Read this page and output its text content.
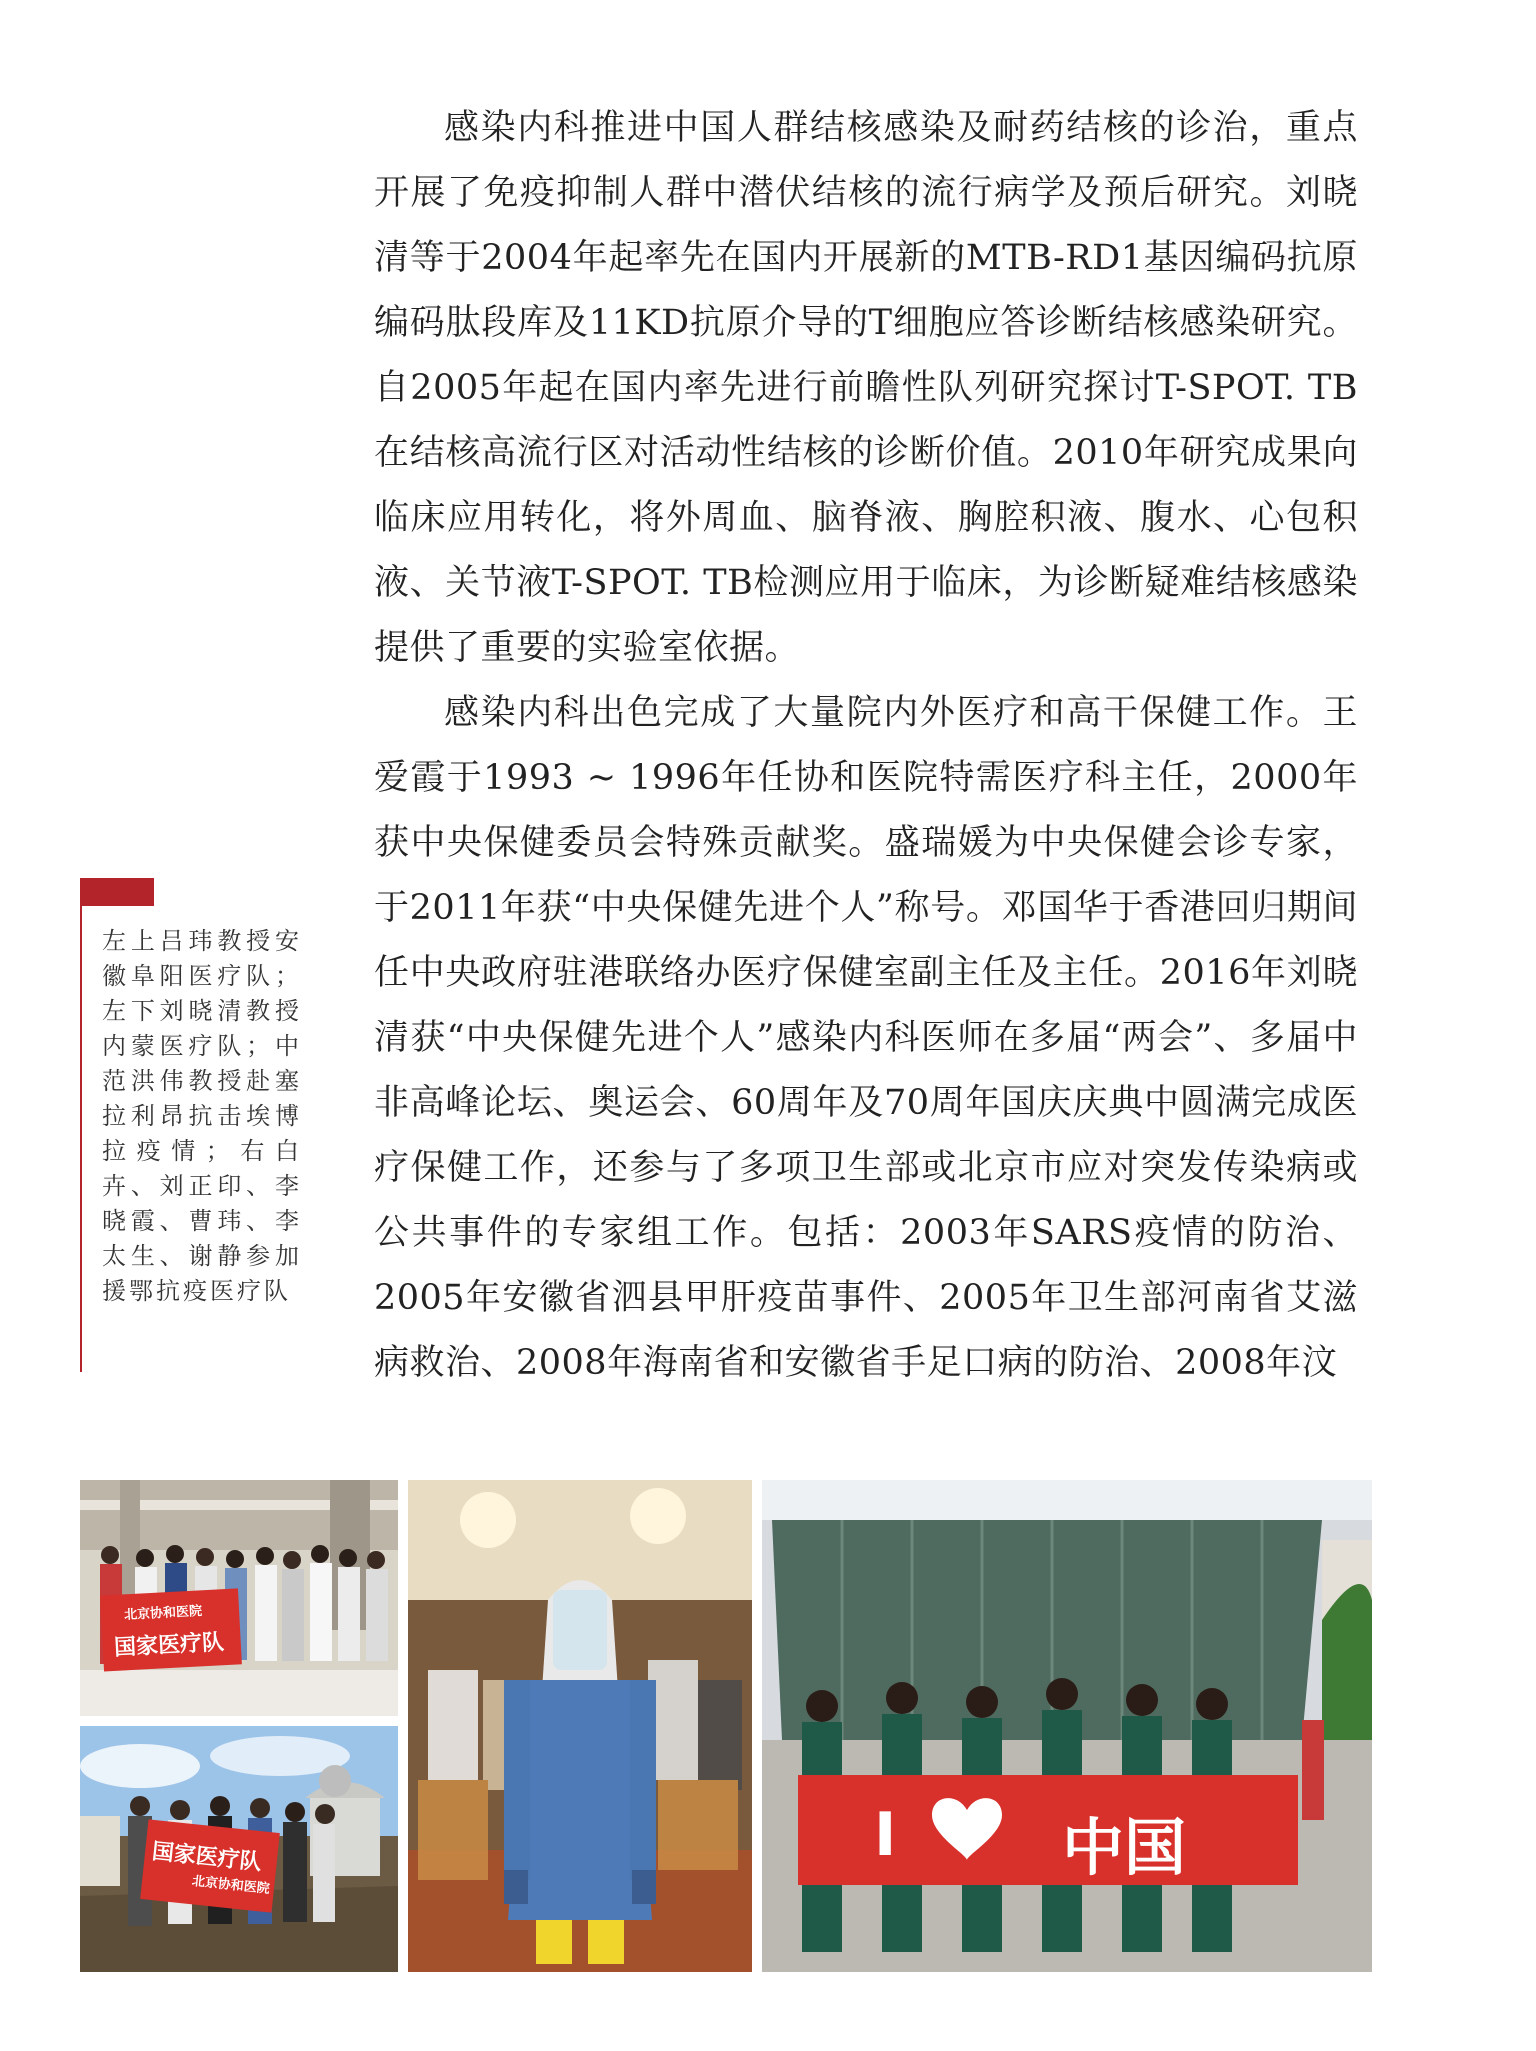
感染内科推进中国人群结核感染及耐药结核的诊治，重点开展了免疫抑制人群中潜伏结核的流行病学及预后研究。刘晓清等于2004年起率先在国内开展新的MTB-RD1基因编码抗原编码肽段库及11KD抗原介导的T细胞应答诊断结核感染研究。自2005年起在国内率先进行前瞻性队列研究探讨T-SPOT. TB在结核高流行区对活动性结核的诊断价值。2010年研究成果向临床应用转化，将外周血、脑脊液、胸腔积液、腹水、心包积液、关节液T-SPOT. TB检测应用于临床，为诊断疑难结核感染提供了重要的实验室依据。

感染内科出色完成了大量院内外医疗和高干保健工作。王爱霞于1993 ~ 1996年任协和医院特需医疗科主任，2000年获中央保健委员会特殊贡献奖。盛瑞媛为中央保健会诊专家，于2011年获“中央保健先进个人”称号。邓国华于香港回归期间任中央政府驻港联络办医疗保健室副主任及主任。2016年刘晓清获“中央保健先进个人”感染内科医师在多届“两会”、多届中非高峰论坛、奥运会、60周年及70周年国庆庆典中圆满完成医疗保健工作，还参与了多项卫生部或北京市应对突发传染病或公共事件的专家组工作。包括：2003年SARS疫情的防治、2005年安徽省泗县甲肝疫苗事件、2005年卫生部河南省艾滋病救治、2008年海南省和安徽省手足口病的防治、2008年汶

左上吕玮教授安徽阜阳医疗队；左下刘晓清教授内蒙医疗队；中范洪伟教授赴塞拉利昂抗击埃博拉疫情；右白卉、刘正印、李晓霞、曹玮、李太生、谢静参加援鄂抗疫医疗队
北京协和医院
国家医疗队
国家医疗队
北京协和医院
I	中国
